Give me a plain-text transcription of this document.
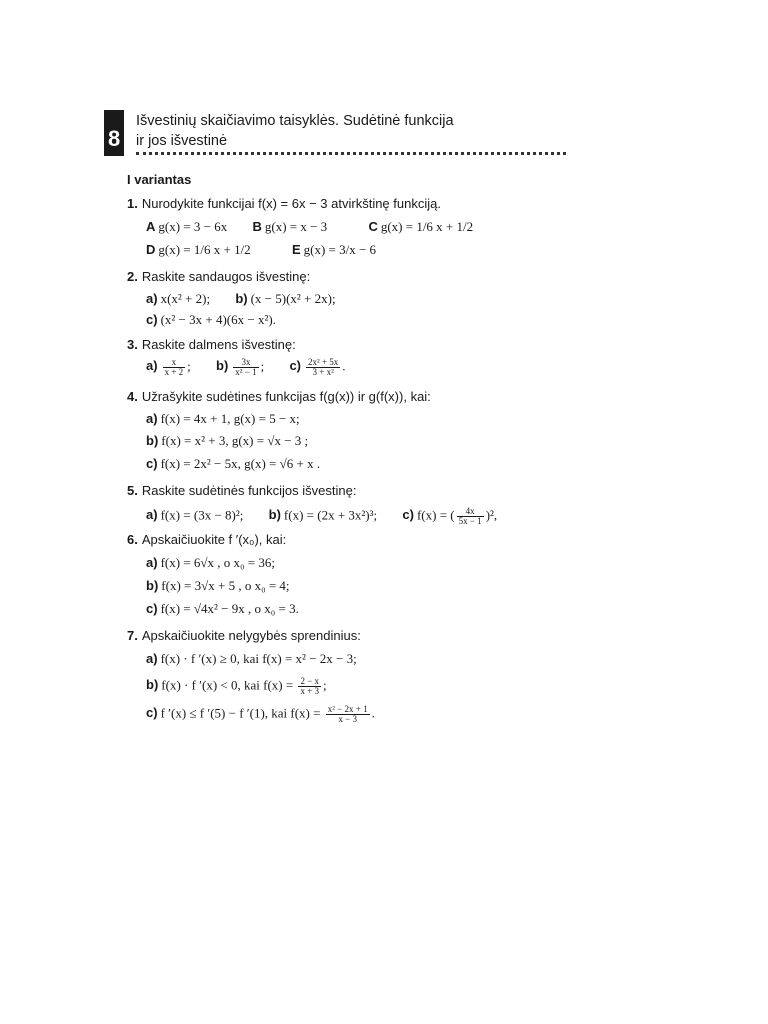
8
Išvestinių skaičiavimo taisyklės. Sudėtinė funkcija
ir jos išvestinė
I variantas
1. Nurodykite funkcijai f(x) = 6x − 3 atvirkštinę funkciją.
A g(x) = 3 − 6x B g(x) = x − 3	C g(x) = 1/6 x + 1/2
D g(x) = 1/6 x + 1/2	E g(x) = 3/x − 6
2. Raskite sandaugos išvestinę:
a) x(x² + 2); b) (x − 5)(x² + 2x);
c) (x² − 3x + 4)(6x − x²).
3. Raskite dalmens išvestinę:
$a) \frac{x}{x + 2}$ ; $b) \frac{3x}{\text{x² − 1}}$ ; $c) \frac{\text{2x² + 5x}}{\text{3 + x²}}$ .
4. Užrašykite sudėtines funkcijas f(g(x)) ir g(f(x)), kai:
a) f(x) = 4x + 1, g(x) = 5 − x;
b) f(x) = x² + 3, g(x) = √x − 3 ;
c) f(x) = 2x² − 5x, g(x) = √6 + x .
5. Raskite sudėtinės funkcijos išvestinę:
a) f(x) = (3x − 8)²; b) f(x) = (2x + 3x²)³; c) f(x) = ( $\frac{4x}{5x - 1} )^2$,
6. Apskaičiuokite f ′(x₀), kai:
a) f(x) = 6√x , o x₀ = 36;
b) f(x) = 3√x + 5 , o x₀ = 4;
c) f(x) = √4x² − 9x , o x₀ = 3.
7. Apskaičiuokite nelygybės sprendinius:
a) f(x) · f ′(x) ≥ 0, kai f(x) = x² − 2x − 3;
b) f(x) · f ′(x) < 0, kai $f(x) = \frac{2 - x}{x + 3}$ ;
c) f ′(x) ≤ f ′(5) − f ′(1), kai $f(x) = \frac{\text{x² − 2x + 1}}{x - 3}$ .
